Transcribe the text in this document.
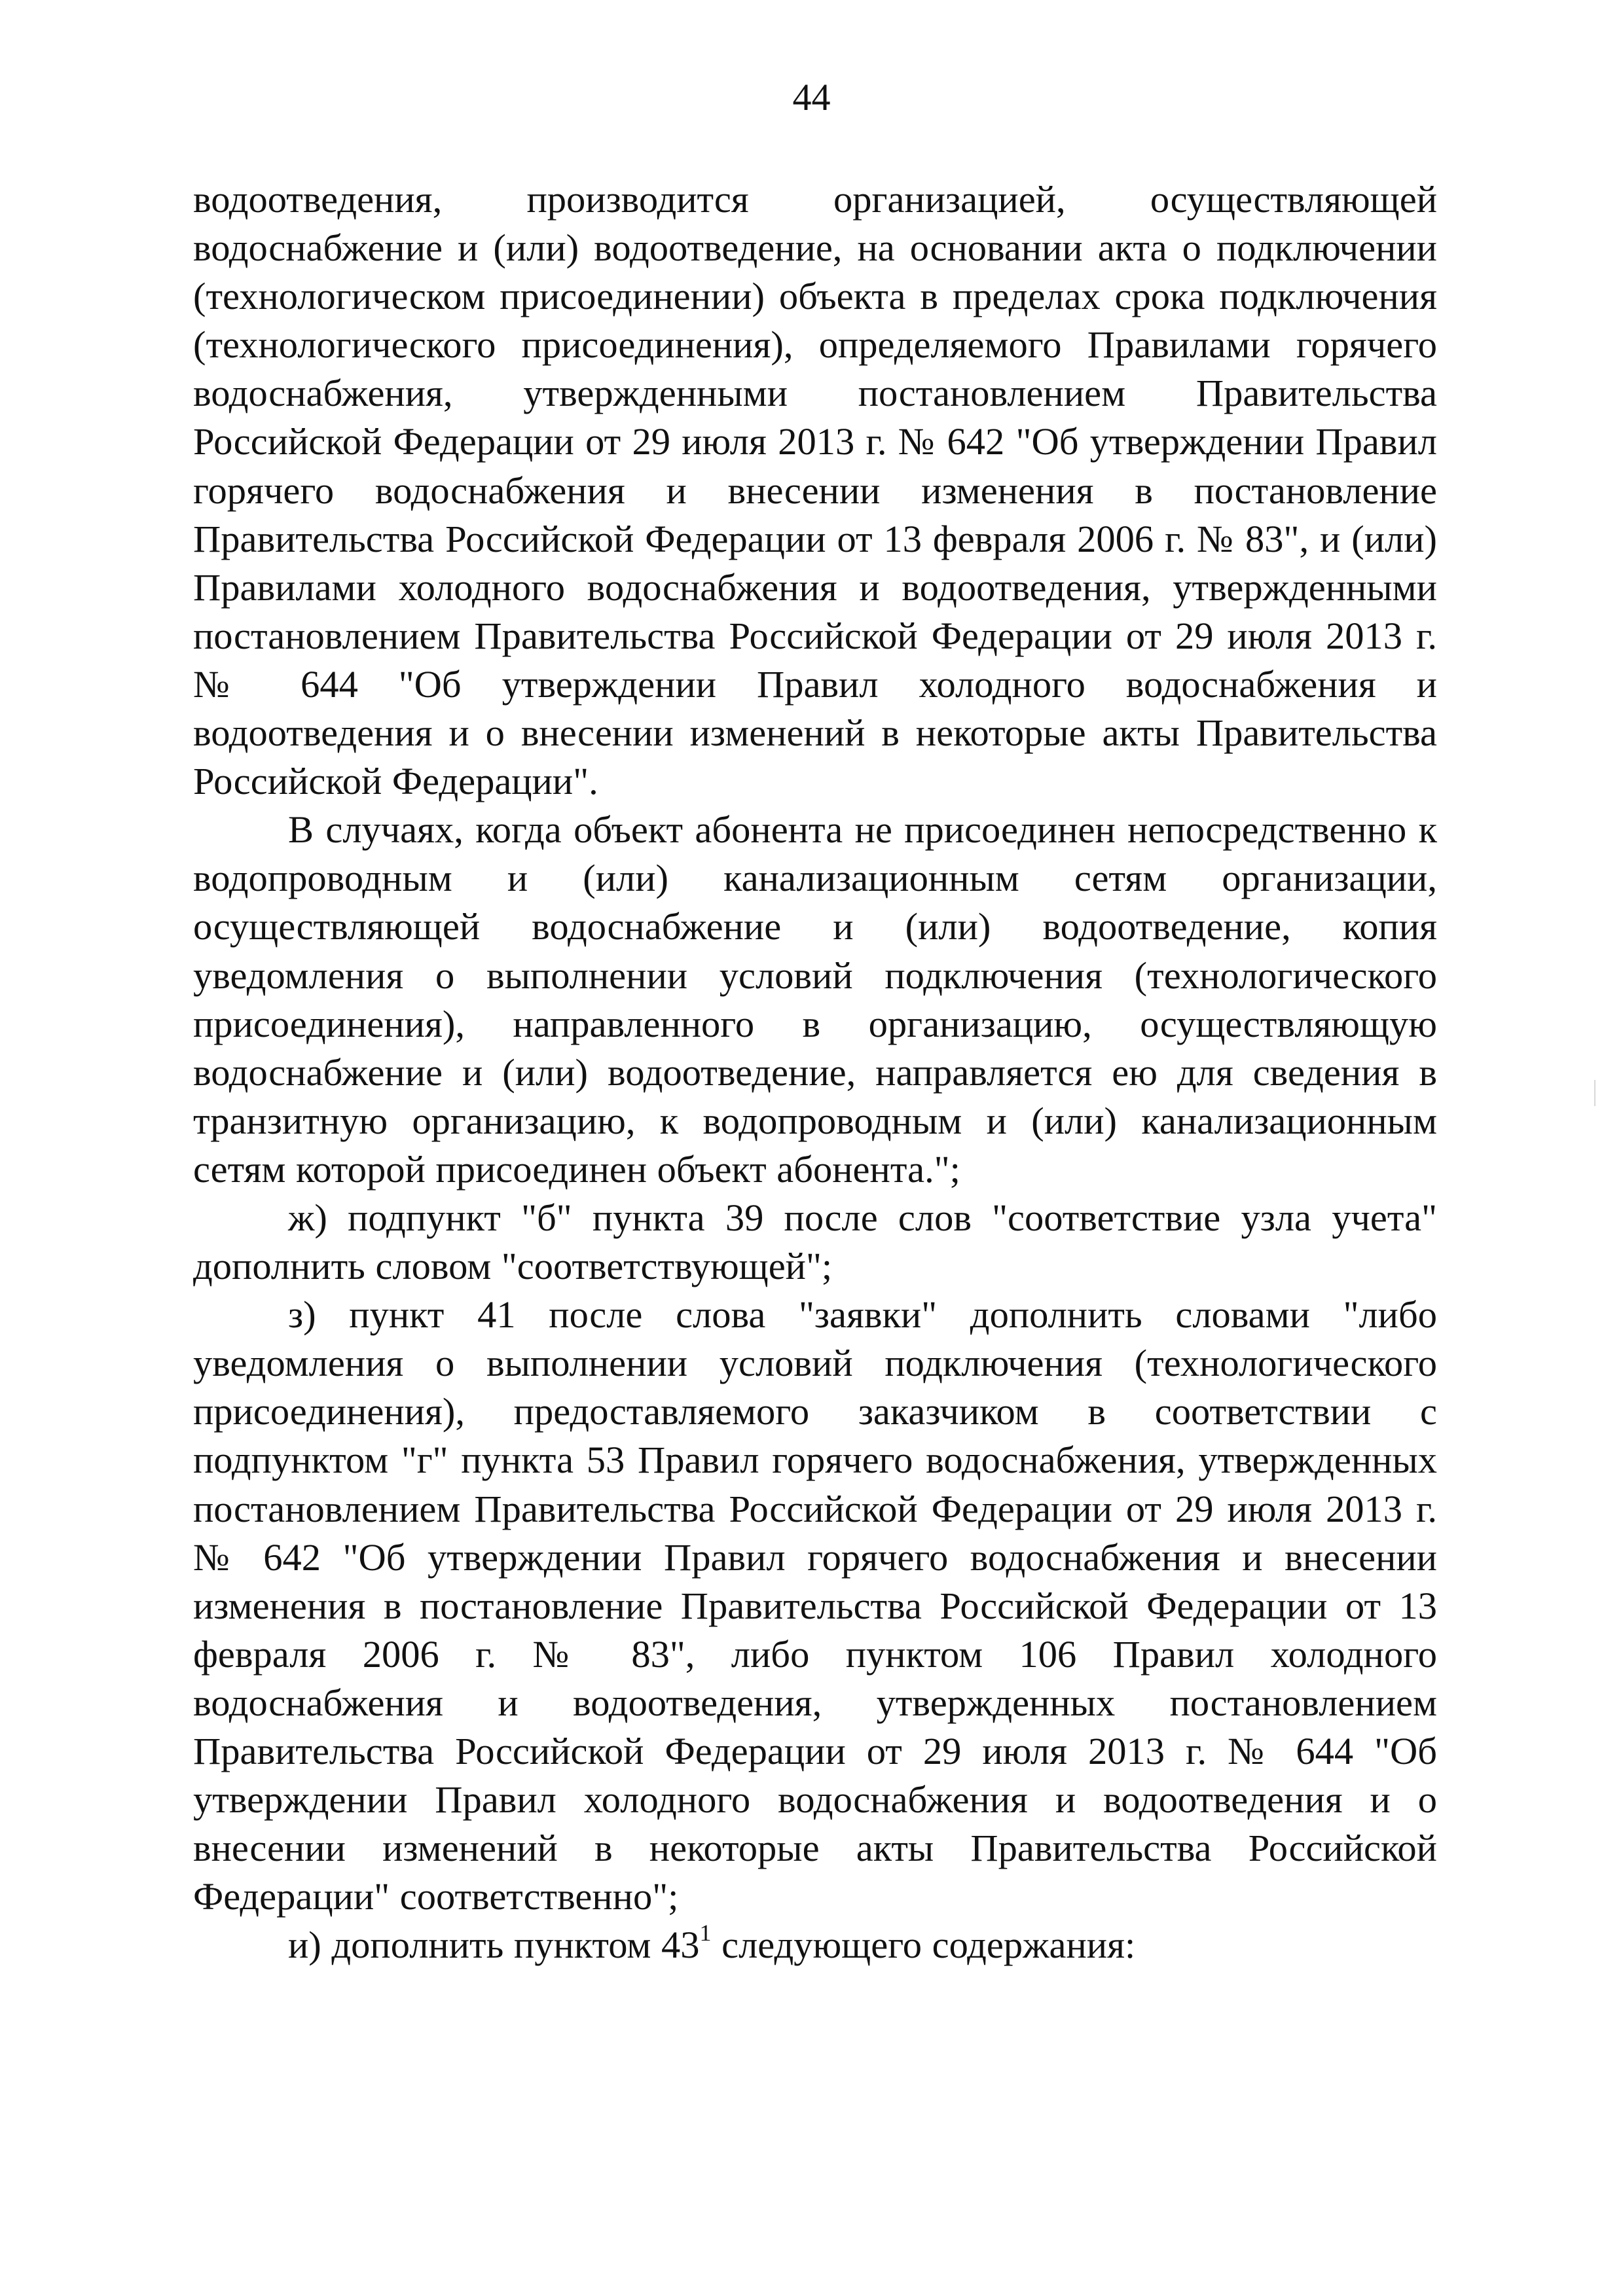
44

водоотведения, производится организацией, осуществляющей водоснабжение и (или) водоотведение, на основании акта о подключении (технологическом присоединении) объекта в пределах срока подключения (технологического присоединения), определяемого Правилами горячего водоснабжения, утвержденными постановлением Правительства Российской Федерации от 29 июля 2013 г. № 642 "Об утверждении Правил горячего водоснабжения и внесении изменения в постановление Правительства Российской Федерации от 13 февраля 2006 г. № 83", и (или) Правилами холодного водоснабжения и водоотведения, утвержденными постановлением Правительства Российской Федерации от 29 июля 2013 г. № 644 "Об утверждении Правил холодного водоснабжения и водоотведения и о внесении изменений в некоторые акты Правительства Российской Федерации".

В случаях, когда объект абонента не присоединен непосредственно к водопроводным и (или) канализационным сетям организации, осуществляющей водоснабжение и (или) водоотведение, копия уведомления о выполнении условий подключения (технологического присоединения), направленного в организацию, осуществляющую водоснабжение и (или) водоотведение, направляется ею для сведения в транзитную организацию, к водопроводным и (или) канализационным сетям которой присоединен объект абонента.";

ж) подпункт "б" пункта 39 после слов "соответствие узла учета" дополнить словом "соответствующей";

з) пункт 41 после слова "заявки" дополнить словами "либо уведомления о выполнении условий подключения (технологического присоединения), предоставляемого заказчиком в соответствии с подпунктом "г" пункта 53 Правил горячего водоснабжения, утвержденных постановлением Правительства Российской Федерации от 29 июля 2013 г. № 642 "Об утверждении Правил горячего водоснабжения и внесении изменения в постановление Правительства Российской Федерации от 13 февраля 2006 г. № 83", либо пунктом 106 Правил холодного водоснабжения и водоотведения, утвержденных постановлением Правительства Российской Федерации от 29 июля 2013 г. № 644 "Об утверждении Правил холодного водоснабжения и водоотведения и о внесении изменений в некоторые акты Правительства Российской Федерации" соответственно";

и) дополнить пунктом $43^1$ следующего содержания:
